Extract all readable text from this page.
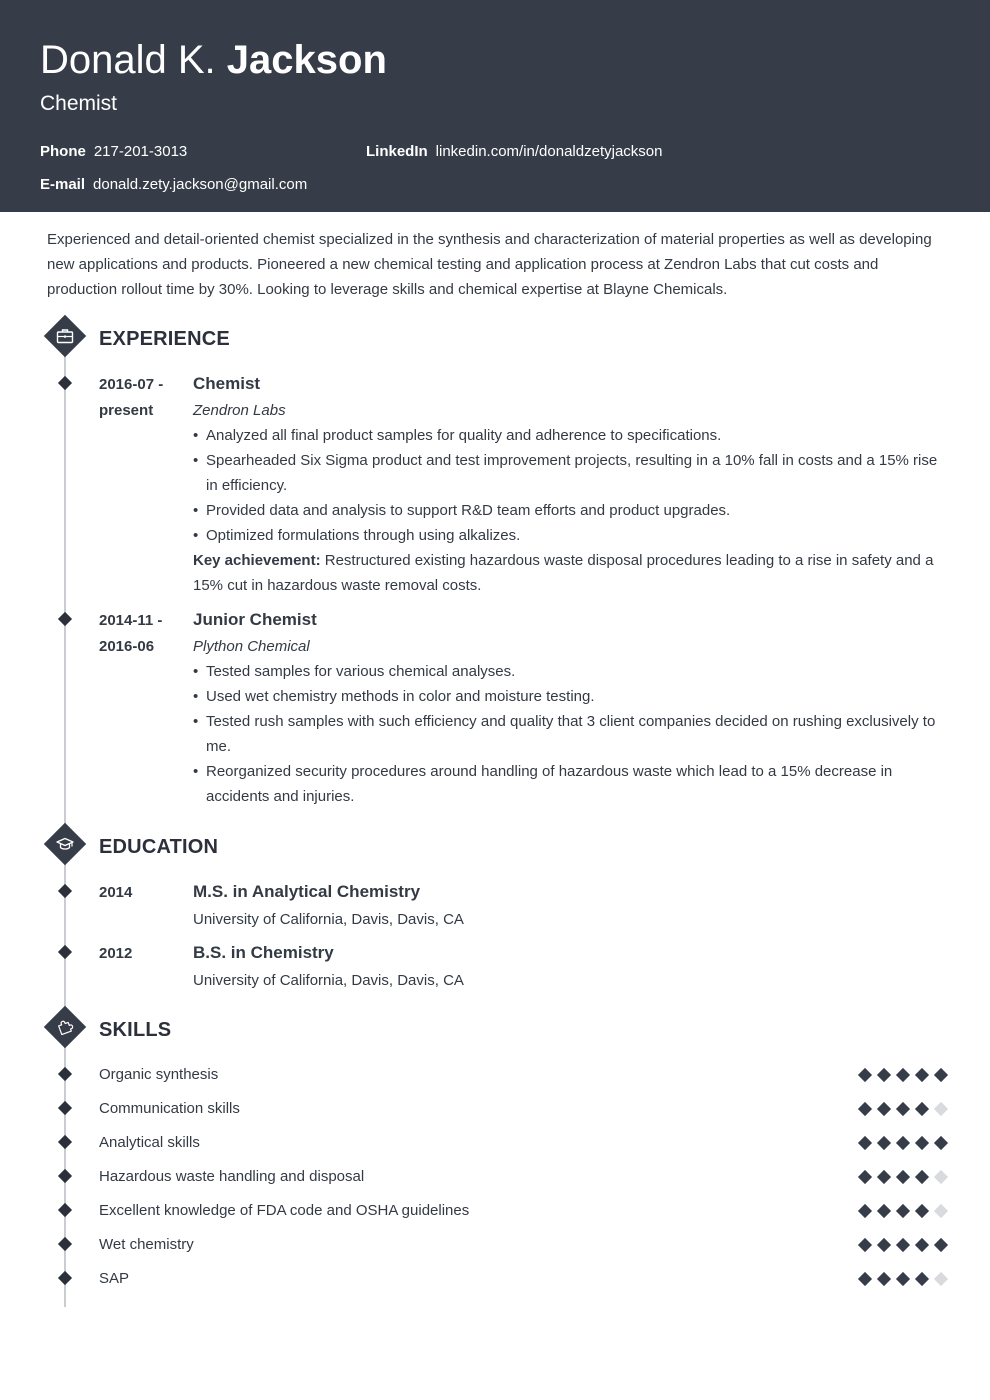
Donald K. Jackson
Chemist
Phone 217-201-3013	LinkedIn linkedin.com/in/donaldzetyjackson
E-mail donald.zety.jackson@gmail.com
Experienced and detail-oriented chemist specialized in the synthesis and characterization of material properties as well as developing new applications and products. Pioneered a new chemical testing and application process at Zendron Labs that cut costs and production rollout time by 30%. Looking to leverage skills and chemical expertise at Blayne Chemicals.
EXPERIENCE
2016-07 - present
Chemist
Zendron Labs
• Analyzed all final product samples for quality and adherence to specifications.
• Spearheaded Six Sigma product and test improvement projects, resulting in a 10% fall in costs and a 15% rise in efficiency.
• Provided data and analysis to support R&D team efforts and product upgrades.
• Optimized formulations through using alkalizes.
Key achievement: Restructured existing hazardous waste disposal procedures leading to a rise in safety and a 15% cut in hazardous waste removal costs.
2014-11 - 2016-06
Junior Chemist
Plython Chemical
• Tested samples for various chemical analyses.
• Used wet chemistry methods in color and moisture testing.
• Tested rush samples with such efficiency and quality that 3 client companies decided on rushing exclusively to me.
• Reorganized security procedures around handling of hazardous waste which lead to a 15% decrease in accidents and injuries.
EDUCATION
2014	M.S. in Analytical Chemistry
University of California, Davis, Davis, CA
2012	B.S. in Chemistry
University of California, Davis, Davis, CA
SKILLS
Organic synthesis
Communication skills
Analytical skills
Hazardous waste handling and disposal
Excellent knowledge of FDA code and OSHA guidelines
Wet chemistry
SAP
